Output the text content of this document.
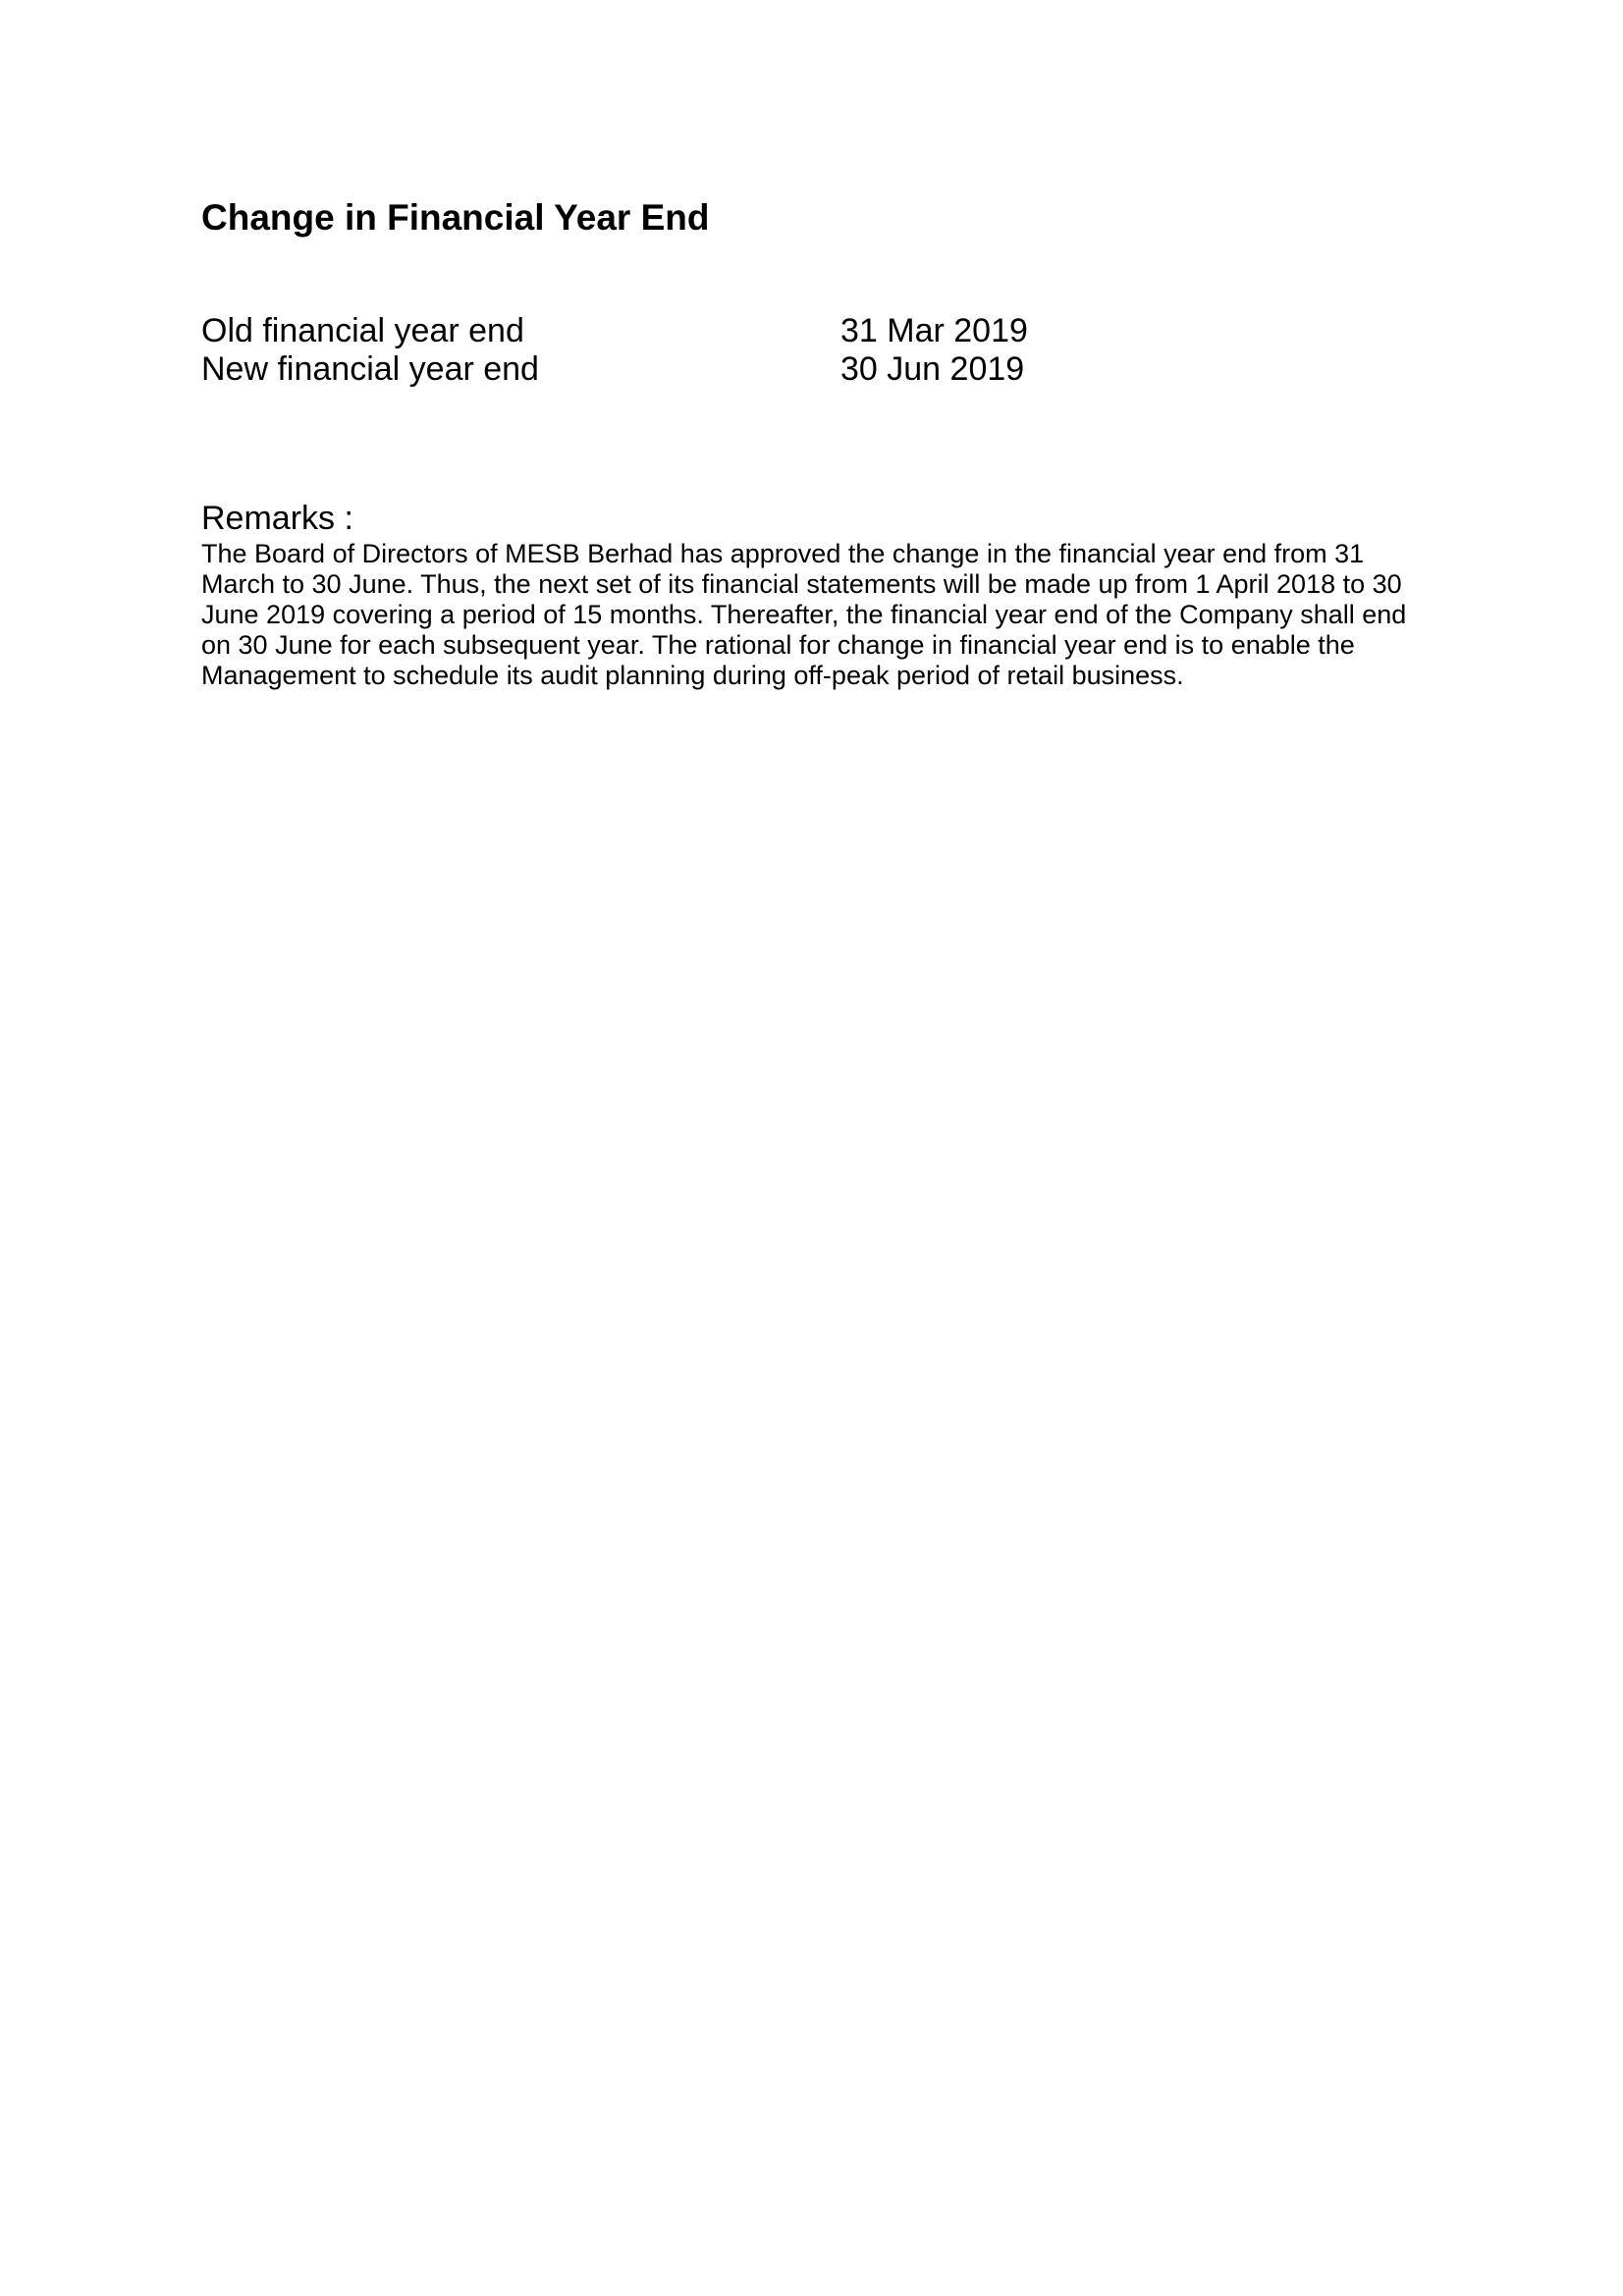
Change in Financial Year End
Old financial year end	31 Mar 2019
New financial year end	30 Jun 2019
Remarks :
The Board of Directors of MESB Berhad has approved the change in the financial year end from 31
March to 30 June. Thus, the next set of its financial statements will be made up from 1 April 2018 to 30
June 2019 covering a period of 15 months. Thereafter, the financial year end of the Company shall end
on 30 June for each subsequent year. The rational for change in financial year end is to enable the
Management to schedule its audit planning during off-peak period of retail business.
